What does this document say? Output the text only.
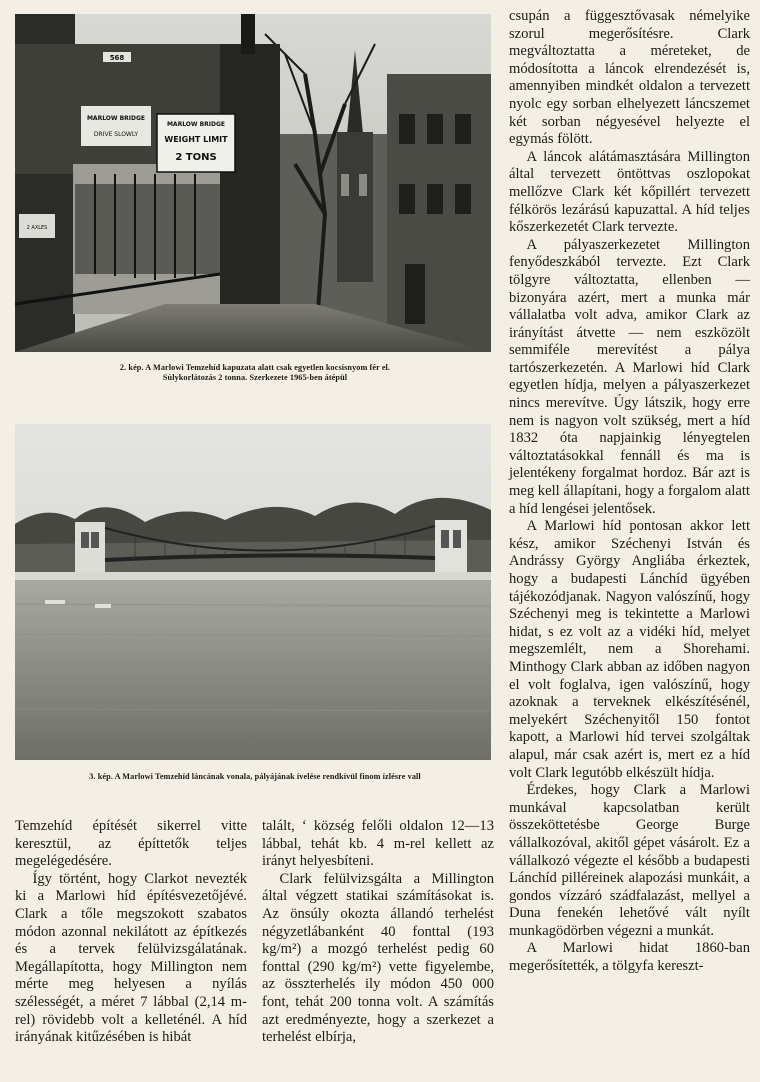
568
MARLOW BRIDGE
DRIVE SLOWLY
MARLOW BRIDGE
WEIGHT LIMIT
2 TONS
2 AXLES
2. kép. A Marlowi Temzehíd kapuzata alatt csak egyetlen kocsisnyom fér el.
Súlykorlátozás 2 tonna. Szerkezete 1965-ben átépül
3. kép. A Marlowi Temzehíd láncának vonala, pályájának ívelése rendkívül finom ízlésre vall

csupán a függesztővasak némelyike szorul megerősítésre. Clark megváltoztatta a méreteket, de módosította a láncok elrendezését is, amennyiben mindkét oldalon a tervezett nyolc egy sorban elhelyezett láncszemet két sorban négyesével helyezte el egymás fölött.

A láncok alátámasztására Millington által tervezett öntöttvas oszlopokat mellőzve Clark két kőpillért tervezett félkörös lezárású kapuzattal. A híd teljes kőszerkezetét Clark tervezte.

A pályaszerkezetet Millington fenyődeszkából tervezte. Ezt Clark tölgyre változtatta, ellenben — bizonyára azért, mert a munka már vállalatba volt adva, amikor Clark az irányítást átvette — nem eszközölt semmiféle merevítést a pálya tartószerkezetén. A Marlowi híd Clark egyetlen hídja, melyen a pályaszerkezet nincs merevítve. Úgy látszik, hogy erre nem is nagyon volt szükség, mert a híd 1832 óta napjainkig lényegtelen változtatásokkal fennáll és ma is jelentékeny forgalmat hordoz. Bár azt is meg kell állapítani, hogy a forgalom alatt a híd lengései jelentősek.

A Marlowi híd pontosan akkor lett kész, amikor Széchenyi István és Andrássy György Angliába érkeztek, hogy a budapesti Lánchíd ügyében tájékozódjanak. Nagyon valószínű, hogy Széchenyi meg is tekintette a Marlowi hidat, s ez volt az a vidéki híd, melyet megszemlélt, nem a Shorehami. Minthogy Clark abban az időben nagyon el volt foglalva, igen valószínű, hogy azoknak a terveknek elkészítésénél, melyekért Széchenyitől 150 fontot kapott, a Marlowi híd tervei szolgáltak alapul, már csak azért is, mert ez a híd volt Clark legutóbb elkészült hídja.

Érdekes, hogy Clark a Marlowi munkával kapcsolatban került összeköttetésbe George Burge vállalkozóval, akitől gépet vásárolt. Ez a vállalkozó végezte el később a budapesti Lánchíd pilléreinek alapozási munkáit, a gondos vízzáró szádfalazást, mellyel a Duna fenekén lehetővé vált nyílt munkagödörben végezni a munkát.

A Marlowi hidat 1860-ban megerősítették, a tölgyfa kereszt-

Temzehíd építését sikerrel vitte keresztül, az építtetők teljes megelégedésére.

Így történt, hogy Clarkot nevezték ki a Marlowi híd építésvezetőjévé. Clark a tőle megszokott szabatos módon azonnal nekilátott az építkezés és a tervek felülvizsgálatának. Megállapította, hogy Millington nem mérte meg helyesen a nyílás szélességét, a méret 7 lábbal (2,14 m-rel) rövidebb volt a kelleténél. A híd irányának kitűzésében is hibát

talált, ‘ község felőli oldalon 12—13 lábbal, tehát kb. 4 m-rel kellett az irányt helyesbíteni.

Clark felülvizsgálta a Millington által végzett statikai számításokat is. Az önsúly okozta állandó terhelést négyzetlábanként 40 fonttal (193 kg/m²) a mozgó terhelést pedig 60 fonttal (290 kg/m²) vette figyelembe, az összterhelés ily módon 450 000 font, tehát 200 tonna volt. A számítás azt eredményezte, hogy a szerkezet a terhelést elbírja,
